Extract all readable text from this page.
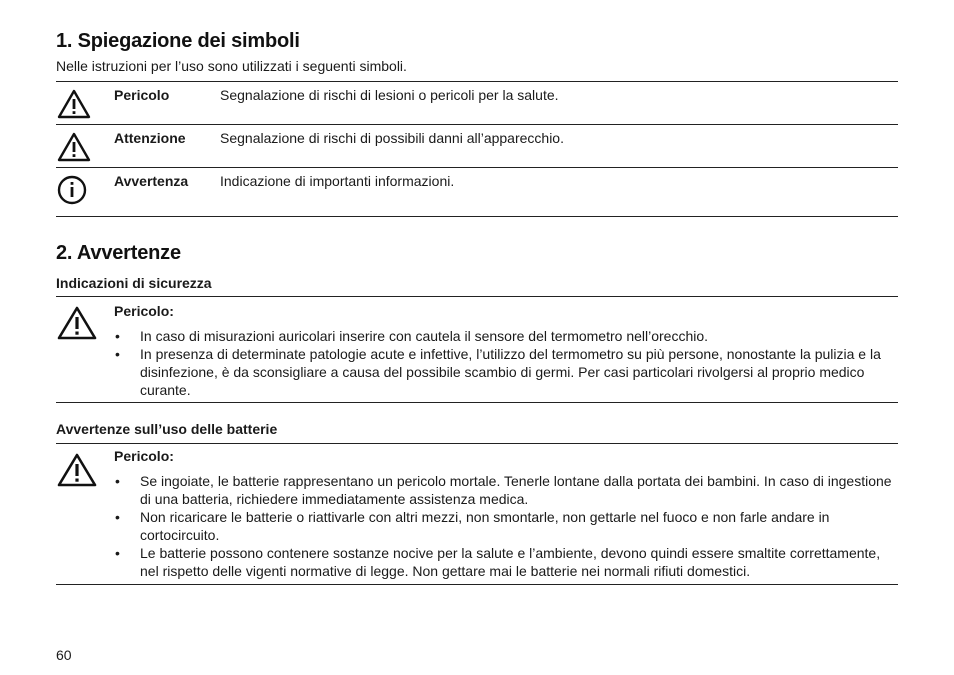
1. Spiegazione dei simboli
Nelle istruzioni per l’uso sono utilizzati i seguenti simboli.
Pericolo	Segnalazione di rischi di lesioni o pericoli per la salute.
Attenzione Segnalazione di rischi di possibili danni all’apparecchio.
Avvertenza Indicazione di importanti informazioni.
2. Avvertenze
Indicazioni di sicurezza
Pericolo:
• In caso di misurazioni auricolari inserire con cautela il sensore del termometro nell’orecchio.
• In presenza di determinate patologie acute e infettive, l’utilizzo del termometro su più persone, nonostante la pulizia e la disinfezione, è da sconsigliare a causa del possibile scambio di germi. Per casi particolari rivolgersi al proprio medico curante.
Avvertenze sull’uso delle batterie
Pericolo:
• Se ingoiate, le batterie rappresentano un pericolo mortale. Tenerle lontane dalla portata dei bambini. In caso di ingestione di una batteria, richiedere immediatamente assistenza medica.
• Non ricaricare le batterie o riattivarle con altri mezzi, non smontarle, non gettarle nel fuoco e non farle andare in cortocircuito.
• Le batterie possono contenere sostanze nocive per la salute e l’ambiente, devono quindi essere smaltite correttamente, nel rispetto delle vigenti normative di legge. Non gettare mai le batterie nei normali rifiuti domestici.
60
